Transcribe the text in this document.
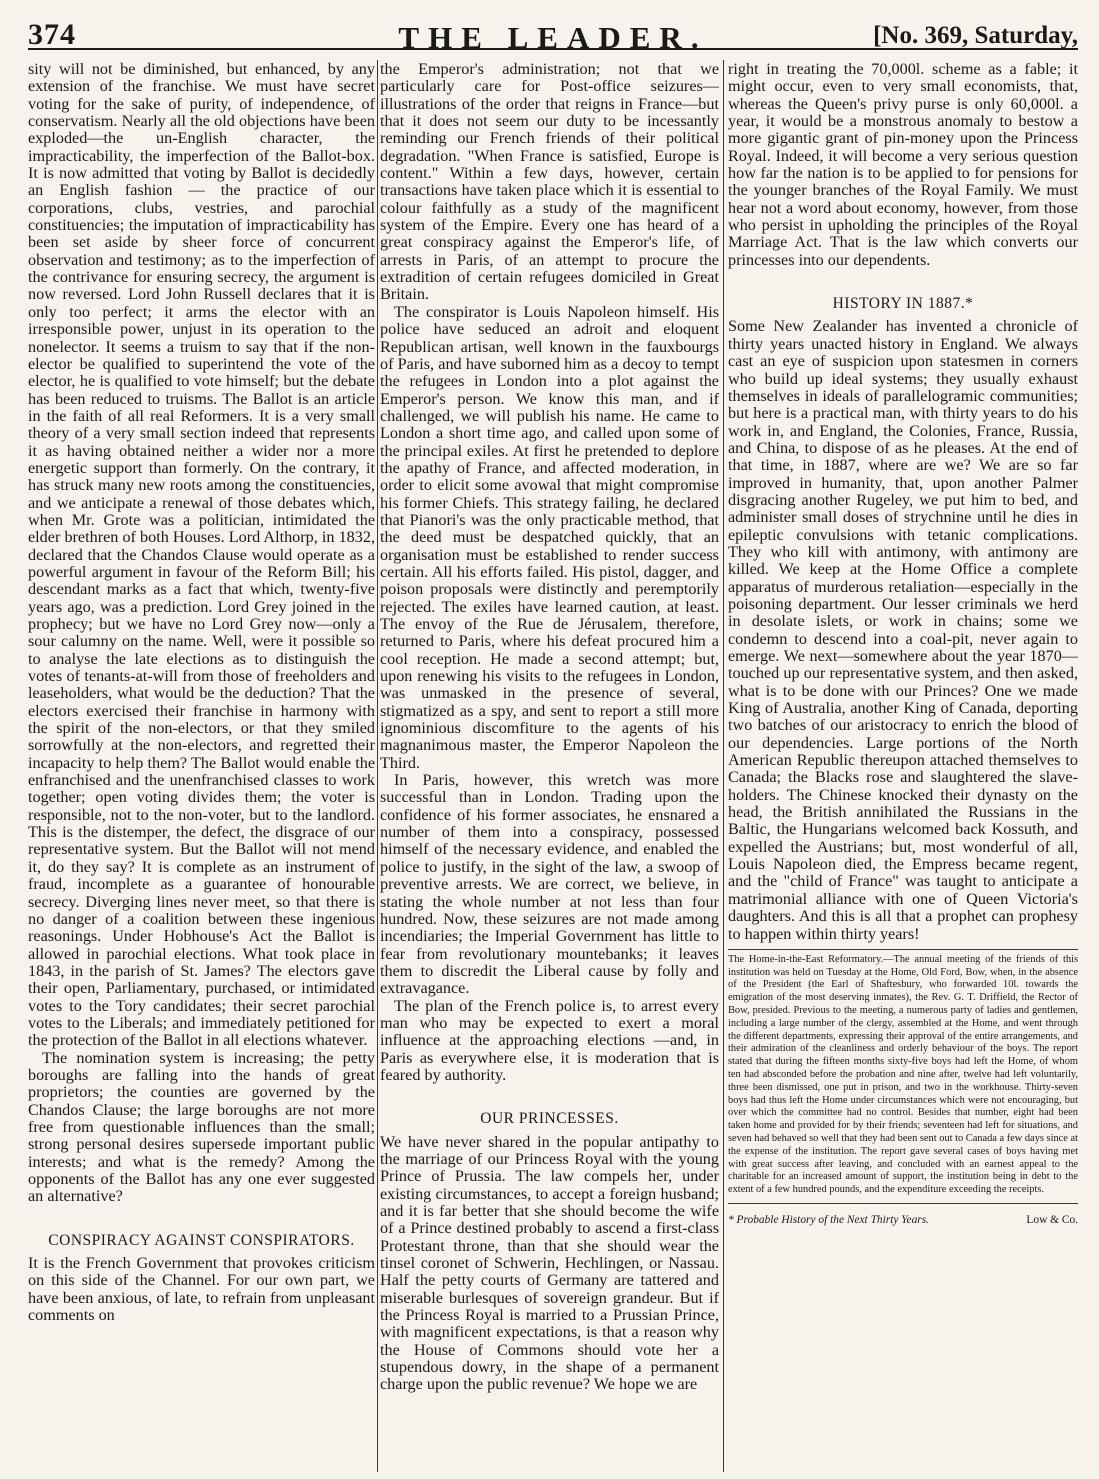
374	THE LEADER.	[No. 369, Saturday,

sity will not be diminished, but enhanced, by any extension of the franchise. We must have secret voting for the sake of purity, of independence, of conservatism. Nearly all the old objections have been exploded—the un-English character, the impracticability, the imperfection of the Ballot-box. It is now admitted that voting by Ballot is decidedly an English fashion — the practice of our corporations, clubs, vestries, and parochial constituencies; the imputation of impracticability has been set aside by sheer force of concurrent observation and testimony; as to the imperfection of the contrivance for ensuring secrecy, the argument is now reversed. Lord John Russell declares that it is only too perfect; it arms the elector with an irresponsible power, unjust in its operation to the nonelector. It seems a truism to say that if the non-elector be qualified to superintend the vote of the elector, he is qualified to vote himself; but the debate has been reduced to truisms. The Ballot is an article in the faith of all real Reformers. It is a very small theory of a very small section indeed that represents it as having obtained neither a wider nor a more energetic support than formerly. On the contrary, it has struck many new roots among the constituencies, and we anticipate a renewal of those debates which, when Mr. Grote was a politician, intimidated the elder brethren of both Houses. Lord Althorp, in 1832, declared that the Chandos Clause would operate as a powerful argument in favour of the Reform Bill; his descendant marks as a fact that which, twenty-five years ago, was a prediction. Lord Grey joined in the prophecy; but we have no Lord Grey now—only a sour calumny on the name. Well, were it possible so to analyse the late elections as to distinguish the votes of tenants-at-will from those of freeholders and leaseholders, what would be the deduction? That the electors exercised their franchise in harmony with the spirit of the non-electors, or that they smiled sorrowfully at the non-electors, and regretted their incapacity to help them? The Ballot would enable the enfranchised and the unenfranchised classes to work together; open voting divides them; the voter is responsible, not to the non-voter, but to the landlord. This is the distemper, the defect, the disgrace of our representative system. But the Ballot will not mend it, do they say? It is complete as an instrument of fraud, incomplete as a guarantee of honourable secrecy. Diverging lines never meet, so that there is no danger of a coalition between these ingenious reasonings. Under Hobhouse's Act the Ballot is allowed in parochial elections. What took place in 1843, in the parish of St. James? The electors gave their open, Parliamentary, purchased, or intimidated votes to the Tory candidates; their secret parochial votes to the Liberals; and immediately petitioned for the protection of the Ballot in all elections whatever.

The nomination system is increasing; the petty boroughs are falling into the hands of great proprietors; the counties are governed by the Chandos Clause; the large boroughs are not more free from questionable influences than the small; strong personal desires supersede important public interests; and what is the remedy? Among the opponents of the Ballot has any one ever suggested an alternative?

CONSPIRACY AGAINST CONSPIRATORS.

It is the French Government that provokes criticism on this side of the Channel. For our own part, we have been anxious, of late, to refrain from unpleasant comments on

the Emperor's administration; not that we particularly care for Post-office seizures—illustrations of the order that reigns in France—but that it does not seem our duty to be incessantly reminding our French friends of their political degradation. "When France is satisfied, Europe is content." Within a few days, however, certain transactions have taken place which it is essential to colour faithfully as a study of the magnificent system of the Empire. Every one has heard of a great conspiracy against the Emperor's life, of arrests in Paris, of an attempt to procure the extradition of certain refugees domiciled in Great Britain.

The conspirator is Louis Napoleon himself. His police have seduced an adroit and eloquent Republican artisan, well known in the fauxbourgs of Paris, and have suborned him as a decoy to tempt the refugees in London into a plot against the Emperor's person. We know this man, and if challenged, we will publish his name. He came to London a short time ago, and called upon some of the principal exiles. At first he pretended to deplore the apathy of France, and affected moderation, in order to elicit some avowal that might compromise his former Chiefs. This strategy failing, he declared that Pianori's was the only practicable method, that the deed must be despatched quickly, that an organisation must be established to render success certain. All his efforts failed. His pistol, dagger, and poison proposals were distinctly and peremptorily rejected. The exiles have learned caution, at least. The envoy of the Rue de Jérusalem, therefore, returned to Paris, where his defeat procured him a cool reception. He made a second attempt; but, upon renewing his visits to the refugees in London, was unmasked in the presence of several, stigmatized as a spy, and sent to report a still more ignominious discomfiture to the agents of his magnanimous master, the Emperor Napoleon the Third.

In Paris, however, this wretch was more successful than in London. Trading upon the confidence of his former associates, he ensnared a number of them into a conspiracy, possessed himself of the necessary evidence, and enabled the police to justify, in the sight of the law, a swoop of preventive arrests. We are correct, we believe, in stating the whole number at not less than four hundred. Now, these seizures are not made among incendiaries; the Imperial Government has little to fear from revolutionary mountebanks; it leaves them to discredit the Liberal cause by folly and extravagance.

The plan of the French police is, to arrest every man who may be expected to exert a moral influence at the approaching elections —and, in Paris as everywhere else, it is moderation that is feared by authority.

OUR PRINCESSES.

We have never shared in the popular antipathy to the marriage of our Princess Royal with the young Prince of Prussia. The law compels her, under existing circumstances, to accept a foreign husband; and it is far better that she should become the wife of a Prince destined probably to ascend a first-class Protestant throne, than that she should wear the tinsel coronet of Schwerin, Hechlingen, or Nassau. Half the petty courts of Germany are tattered and miserable burlesques of sovereign grandeur. But if the Princess Royal is married to a Prussian Prince, with magnificent expectations, is that a reason why the House of Commons should vote her a stupendous dowry, in the shape of a permanent charge upon the public revenue? We hope we are

right in treating the 70,000l. scheme as a fable; it might occur, even to very small economists, that, whereas the Queen's privy purse is only 60,000l. a year, it would be a monstrous anomaly to bestow a more gigantic grant of pin-money upon the Princess Royal. Indeed, it will become a very serious question how far the nation is to be applied to for pensions for the younger branches of the Royal Family. We must hear not a word about economy, however, from those who persist in upholding the principles of the Royal Marriage Act. That is the law which converts our princesses into our dependents.

HISTORY IN 1887.*

Some New Zealander has invented a chronicle of thirty years unacted history in England. We always cast an eye of suspicion upon statesmen in corners who build up ideal systems; they usually exhaust themselves in ideals of parallelogramic communities; but here is a practical man, with thirty years to do his work in, and England, the Colonies, France, Russia, and China, to dispose of as he pleases. At the end of that time, in 1887, where are we? We are so far improved in humanity, that, upon another Palmer disgracing another Rugeley, we put him to bed, and administer small doses of strychnine until he dies in epileptic convulsions with tetanic complications. They who kill with antimony, with antimony are killed. We keep at the Home Office a complete apparatus of murderous retaliation—especially in the poisoning department. Our lesser criminals we herd in desolate islets, or work in chains; some we condemn to descend into a coal-pit, never again to emerge. We next—somewhere about the year 1870—touched up our representative system, and then asked, what is to be done with our Princes? One we made King of Australia, another King of Canada, deporting two batches of our aristocracy to enrich the blood of our dependencies. Large portions of the North American Republic thereupon attached themselves to Canada; the Blacks rose and slaughtered the slave-holders. The Chinese knocked their dynasty on the head, the British annihilated the Russians in the Baltic, the Hungarians welcomed back Kossuth, and expelled the Austrians; but, most wonderful of all, Louis Napoleon died, the Empress became regent, and the "child of France" was taught to anticipate a matrimonial alliance with one of Queen Victoria's daughters. And this is all that a prophet can prophesy to happen within thirty years!

The Home-in-the-East Reformatory.—The annual meeting of the friends of this institution was held on Tuesday at the Home, Old Ford, Bow, when, in the absence of the President (the Earl of Shaftesbury, who forwarded 10l. towards the emigration of the most deserving inmates), the Rev. G. T. Driffield, the Rector of Bow, presided. Previous to the meeting, a numerous party of ladies and gentlemen, including a large number of the clergy, assembled at the Home, and went through the different departments, expressing their approval of the entire arrangements, and their admiration of the cleanliness and orderly behaviour of the boys. The report stated that during the fifteen months sixty-five boys had left the Home, of whom ten had absconded before the probation and nine after, twelve had left voluntarily, three been dismissed, one put in prison, and two in the workhouse. Thirty-seven boys had thus left the Home under circumstances which were not encouraging, but over which the committee had no control. Besides that number, eight had been taken home and provided for by their friends; seventeen had left for situations, and seven had behaved so well that they had been sent out to Canada a few days since at the expense of the institution. The report gave several cases of boys having met with great success after leaving, and concluded with an earnest appeal to the charitable for an increased amount of support, the institution being in debt to the extent of a few hundred pounds, and the expenditure exceeding the receipts.
* Probable History of the Next Thirty Years.	Low & Co.
